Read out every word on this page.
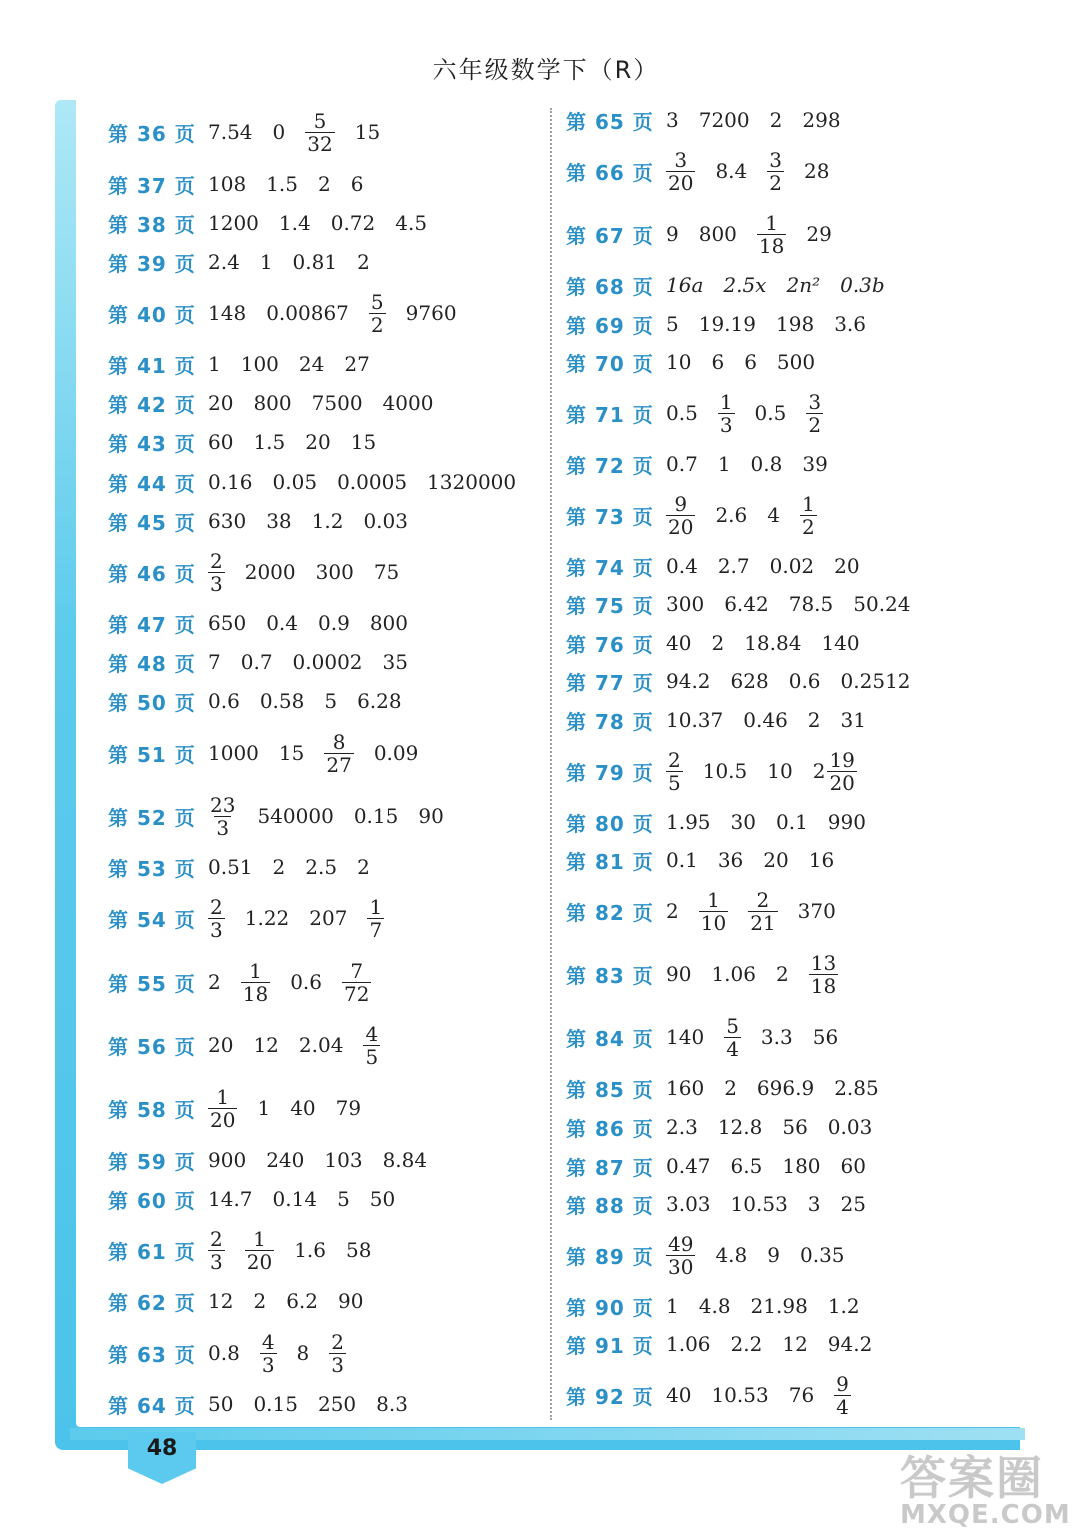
六年级数学下（R）
第 36 页 7.54 $0 \frac{5}{32} 15$
第 37 页 108 1.5 2 6
第 38 页 1200 1.4 0.72 4.5
第 39 页 2.4 1 0.81 2
第 40 页 148 $0.00867 \frac{5}{2} 9760$
第 41 页 1 100 24 27
第 42 页 20 800 7500 4000
第 43 页 60 1.5 20 15
第 44 页 0.16 0.05 0.0005 1320000
第 45 页 630 38 1.2 0.03
第 46 页 $\frac{2}{3} 2000$ 300 75
第 47 页 650 0.4 0.9 800
第 48 页 7 0.7 0.0002 35
第 50 页 0.6 0.58 5 6.28
第 51 页 1000 $15 \frac{8}{27} 0.09$
第 52 页 $\frac{23}{3} 540000$ 0.15 90
第 53 页 0.51 2 2.5 2
第 54 页 $\frac{2}{3} 1.22$ $207 \frac{1}{7}$
第 55 页 $2 \frac{1}{18} 0.6 \frac{7}{72}$
第 56 页 20 12 $2.04 \frac{4}{5}$
第 58 页 $\frac{1}{20} 1$ 40 79
第 59 页 900 240 103 8.84
第 60 页 14.7 0.14 5 50
第 61 页 $\frac{2}{3} \frac{1}{20} 1.6$ 58
第 62 页 12 2 6.2 90
第 63 页 $0.8 \frac{4}{3} 8 \frac{2}{3}$
第 64 页 50 0.15 250 8.3
第 65 页 3 7200 2 298
第 66 页 $\frac{3}{20} 8.4 \frac{3}{2} 28$
第 67 页 9 $800 \frac{1}{18} 29$
第 68 页 16a 2.5x 2n² 0.3b
第 69 页 5 19.19 198 3.6
第 70 页 10 6 6 500
第 71 页 $0.5 \frac{1}{3} 0.5 \frac{3}{2}$
第 72 页 0.7 1 0.8 39
第 73 页 $\frac{9}{20} 2.6$ $4 \frac{1}{2}$
第 74 页 0.4 2.7 0.02 20
第 75 页 300 6.42 78.5 50.24
第 76 页 40 2 18.84 140
第 77 页 94.2 628 0.6 0.2512
第 78 页 10.37 0.46 2 31
第 79 页 $\frac{2}{5} 10.5$ 10 $2 \frac{19}{20}$
第 80 页 1.95 30 0.1 990
第 81 页 0.1 36 20 16
第 82 页 $2 \frac{1}{10} \frac{2}{21} 370$
第 83 页 90 1.06 $2 \frac{13}{18}$
第 84 页 $140 \frac{5}{4} 3.3$ 56
第 85 页 160 2 696.9 2.85
第 86 页 2.3 12.8 56 0.03
第 87 页 0.47 6.5 180 60
第 88 页 3.03 10.53 3 25
第 89 页 $\frac{49}{30} 4.8$ 9 0.35
第 90 页 1 4.8 21.98 1.2
第 91 页 1.06 2.2 12 94.2
第 92 页 40 10.53 $76 \frac{9}{4}$
48
答案圈
MXQE.COM
